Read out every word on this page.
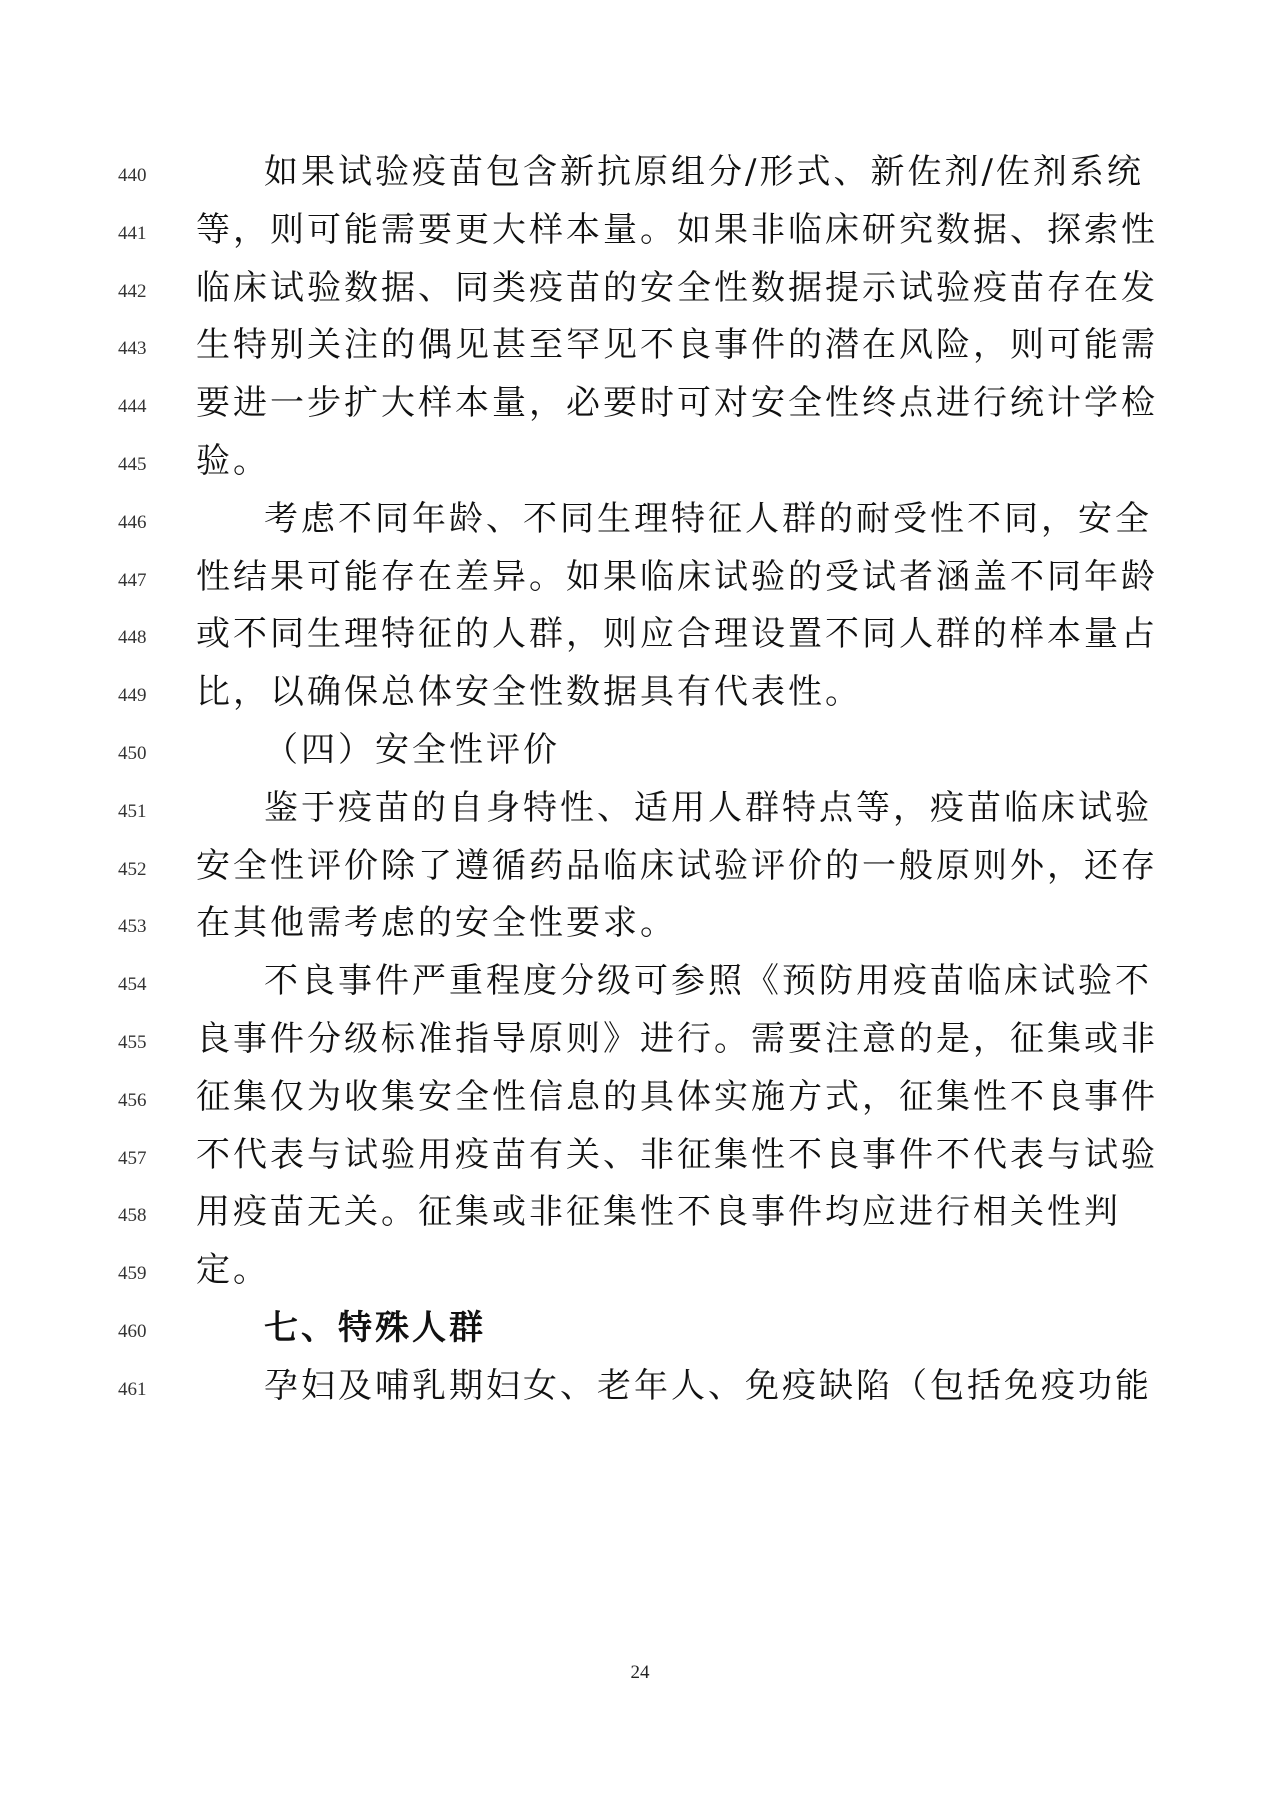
440	如果试验疫苗包含新抗原组分/形式、新佐剂/佐剂系统
441	等，则可能需要更大样本量。如果非临床研究数据、探索性
442	临床试验数据、同类疫苗的安全性数据提示试验疫苗存在发
443	生特别关注的偶见甚至罕见不良事件的潜在风险，则可能需
444	要进一步扩大样本量，必要时可对安全性终点进行统计学检
445	验。
446	考虑不同年龄、不同生理特征人群的耐受性不同，安全
447	性结果可能存在差异。如果临床试验的受试者涵盖不同年龄
448	或不同生理特征的人群，则应合理设置不同人群的样本量占
449	比，以确保总体安全性数据具有代表性。
450	（四）安全性评价
451	鉴于疫苗的自身特性、适用人群特点等，疫苗临床试验
452	安全性评价除了遵循药品临床试验评价的一般原则外，还存
453	在其他需考虑的安全性要求。
454	不良事件严重程度分级可参照《预防用疫苗临床试验不
455	良事件分级标准指导原则》进行。需要注意的是，征集或非
456	征集仅为收集安全性信息的具体实施方式，征集性不良事件
457	不代表与试验用疫苗有关、非征集性不良事件不代表与试验
458	用疫苗无关。征集或非征集性不良事件均应进行相关性判
459	定。
460	七、特殊人群
461	孕妇及哺乳期妇女、老年人、免疫缺陷（包括免疫功能
24
